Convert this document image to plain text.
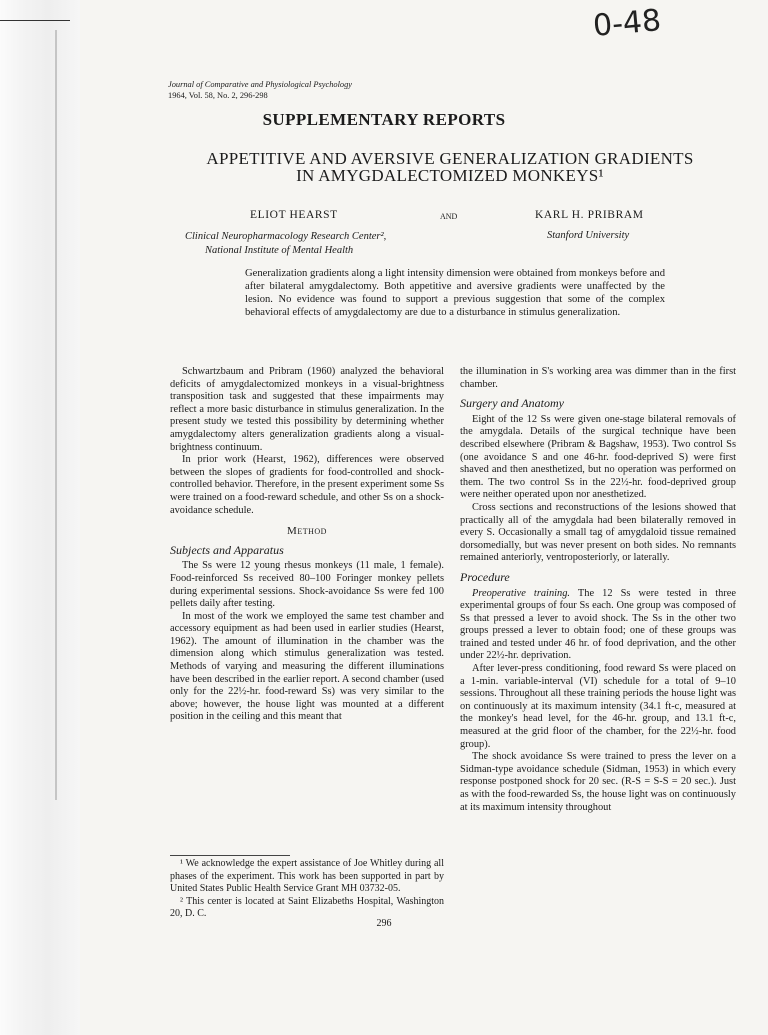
0-48
Journal of Comparative and Physiological Psychology
1964, Vol. 58, No. 2, 296-298
SUPPLEMENTARY REPORTS
APPETITIVE AND AVERSIVE GENERALIZATION GRADIENTS IN AMYGDALECTOMIZED MONKEYS¹
ELIOT HEARST	AND	KARL H. PRIBRAM
Clinical Neuropharmacology Research Center²,
National Institute of Mental Health
Stanford University
Generalization gradients along a light intensity dimension were obtained from monkeys before and after bilateral amygdalectomy. Both appetitive and aversive gradients were unaffected by the lesion. No evidence was found to support a previous suggestion that some of the complex behavioral effects of amygdalectomy are due to a disturbance in stimulus generalization.

Schwartzbaum and Pribram (1960) analyzed the behavioral deficits of amygdalectomized monkeys in a visual-brightness transposition task and suggested that these impairments may reflect a more basic disturbance in stimulus generalization. In the present study we tested this possibility by determining whether amygdalectomy alters generalization gradients along a visual-brightness continuum.

In prior work (Hearst, 1962), differences were observed between the slopes of gradients for food-controlled and shock-controlled behavior. Therefore, in the present experiment some Ss were trained on a food-reward schedule, and other Ss on a shock-avoidance schedule.

Method
Subjects and Apparatus

The Ss were 12 young rhesus monkeys (11 male, 1 female). Food-reinforced Ss received 80–100 Foringer monkey pellets during experimental sessions. Shock-avoidance Ss were fed 100 pellets daily after testing.

In most of the work we employed the same test chamber and accessory equipment as had been used in earlier studies (Hearst, 1962). The amount of illumination in the chamber was the dimension along which stimulus generalization was tested. Methods of varying and measuring the different illuminations have been described in the earlier report. A second chamber (used only for the 22½-hr. food-reward Ss) was very similar to the above; however, the house light was mounted at a different position in the ceiling and this meant that

¹ We acknowledge the expert assistance of Joe Whitley during all phases of the experiment. This work has been supported in part by United States Public Health Service Grant MH 03732-05.

² This center is located at Saint Elizabeths Hospital, Washington 20, D. C.

the illumination in S's working area was dimmer than in the first chamber.

Surgery and Anatomy

Eight of the 12 Ss were given one-stage bilateral removals of the amygdala. Details of the surgical technique have been described elsewhere (Pribram & Bagshaw, 1953). Two control Ss (one avoidance S and one 46-hr. food-deprived S) were first shaved and then anesthetized, but no operation was performed on them. The two control Ss in the 22½-hr. food-deprived group were neither operated upon nor anesthetized.

Cross sections and reconstructions of the lesions showed that practically all of the amygdala had been bilaterally removed in every S. Occasionally a small tag of amygdaloid tissue remained dorsomedially, but was never present on both sides. No remnants remained anteriorly, ventroposteriorly, or laterally.

Procedure

Preoperative training. The 12 Ss were tested in three experimental groups of four Ss each. One group was composed of Ss that pressed a lever to avoid shock. The Ss in the other two groups pressed a lever to obtain food; one of these groups was trained and tested under 46 hr. of food deprivation, and the other under 22½-hr. deprivation.

After lever-press conditioning, food reward Ss were placed on a 1-min. variable-interval (VI) schedule for a total of 9–10 sessions. Throughout all these training periods the house light was on continuously at its maximum intensity (34.1 ft-c, measured at the monkey's head level, for the 46-hr. group, and 13.1 ft-c, measured at the grid floor of the chamber, for the 22½-hr. food group).

The shock avoidance Ss were trained to press the lever on a Sidman-type avoidance schedule (Sidman, 1953) in which every response postponed shock for 20 sec. (R-S = S-S = 20 sec.). Just as with the food-rewarded Ss, the house light was on continuously at its maximum intensity throughout

296
